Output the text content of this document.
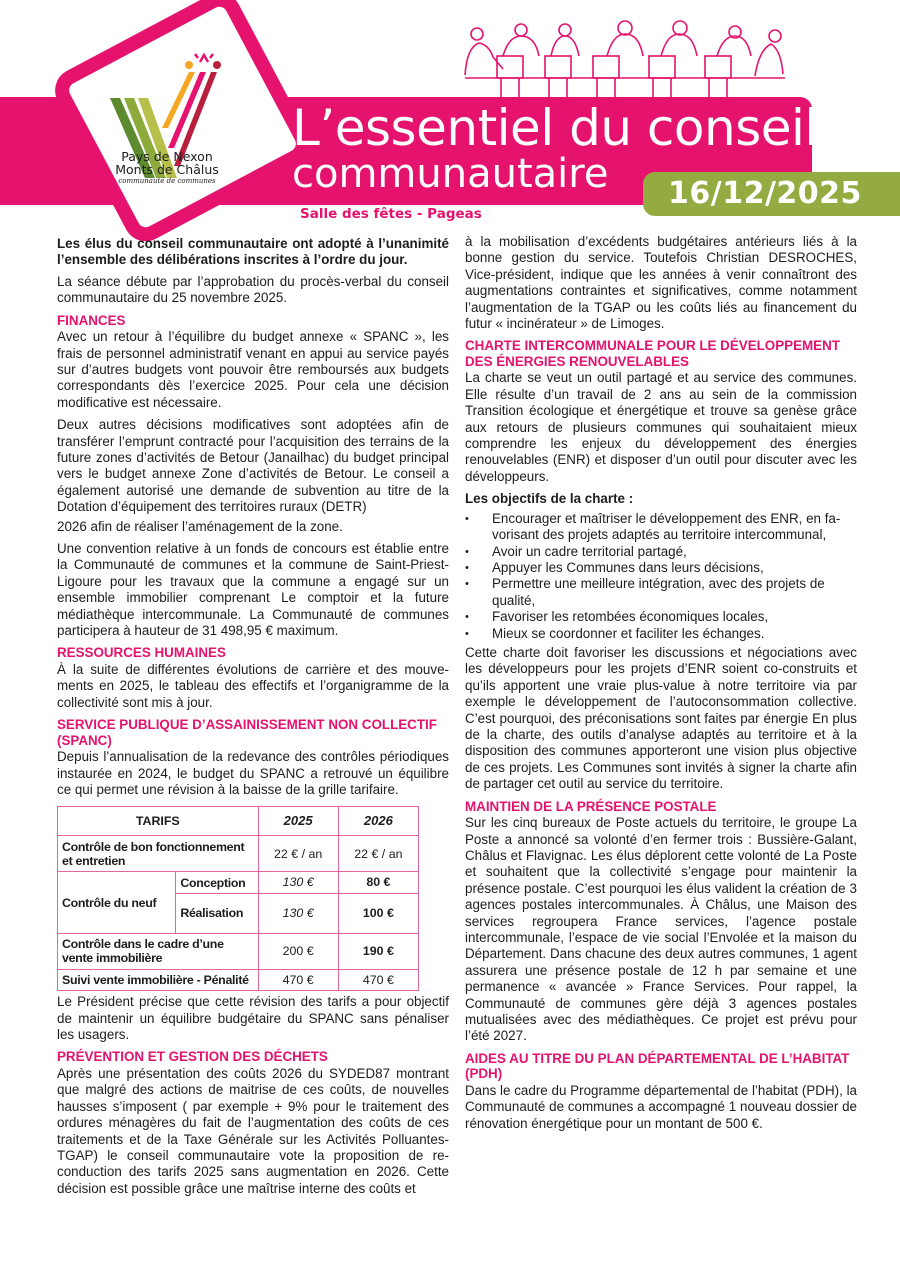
Pays de Nexon
Monts de Châlus
communauté de communes
L’essentiel du conseil
communautaire 16/12/2025
Salle des fêtes - Pageas

Les élus du conseil communautaire ont adopté à l’unanimité l’ensemble des délibérations inscrites à l’ordre du jour.

La séance débute par l’approbation du procès-verbal du conseil communautaire du 25 novembre 2025.

FINANCES

Avec un retour à l’équilibre du budget annexe « SPANC », les frais de personnel administratif venant en appui au service payés sur d’autres budgets vont pouvoir être remboursés aux budgets correspondants dès l’exercice 2025. Pour cela une décision modificative est nécessaire.

Deux autres décisions modificatives sont adoptées afin de transférer l’emprunt contracté pour l’acquisition des terrains de la future zones d’activités de Betour (Janailhac) du budget principal vers le budget annexe Zone d’activités de Betour. Le conseil a également autorisé une demande de subvention au titre de la Dotation d’équipement des territoires ruraux (DETR)

2026 afin de réaliser l’aménagement de la zone.

Une convention relative à un fonds de concours est établie entre la Communauté de communes et la commune de Saint-Priest-Ligoure pour les travaux que la commune a engagé sur un ensemble immobilier comprenant Le comptoir et la future médiathèque intercommunale. La Communauté de communes participera à hauteur de 31 498,95 € maximum.

RESSOURCES HUMAINES

À la suite de différentes évolutions de carrière et des mouvements en 2025, le tableau des effectifs et l’organigramme de la collectivité sont mis à jour.

SERVICE PUBLIQUE D’ASSAINISSEMENT NON COLLECTIF (SPANC)

Depuis l’annualisation de la redevance des contrôles périodiques instaurée en 2024, le budget du SPANC a retrouvé un équilibre ce qui permet une révision à la baisse de la grille tarifaire.

TARIFS		2025	2026
Contrôle de bon fonctionnement et entretien		22 € / an	22 € / an
Contrôle du neuf	Conception	130 €	80 €
	Réalisation	130 €	100 €
Contrôle dans le cadre d’une vente immobilière		200 €	190 €
Suivi vente immobilière - Pénalité		470 €	470 €

Le Président précise que cette révision des tarifs a pour objectif de maintenir un équilibre budgétaire du SPANC sans pénaliser les usagers.

PRÉVENTION ET GESTION DES DÉCHETS

Après une présentation des coûts 2026 du SYDED87 montrant que malgré des actions de maitrise de ces coûts, de nouvelles hausses s’imposent ( par exemple + 9% pour le traitement des ordures ménagères du fait de l’augmentation des coûts de ces traitements et de la Taxe Générale sur les Activités Polluantes-TGAP) le conseil communautaire vote la proposition de reconduction des tarifs 2025 sans augmentation en 2026. Cette décision est possible grâce une maîtrise interne des coûts et

à la mobilisation d’excédents budgétaires antérieurs liés à la bonne gestion du service. Toutefois Christian DESROCHES, Vice-président, indique que les années à venir connaîtront des augmentations contraintes et significatives, comme notamment l’augmentation de la TGAP ou les coûts liés au financement du futur « incinérateur » de Limoges.

CHARTE INTERCOMMUNALE POUR LE DÉVELOPPEMENT DES ÉNERGIES RENOUVELABLES

La charte se veut un outil partagé et au service des communes. Elle résulte d’un travail de 2 ans au sein de la commission Transition écologique et énergétique et trouve sa genèse grâce aux retours de plusieurs communes qui souhaitaient mieux comprendre les enjeux du développement des énergies renouvelables (ENR) et disposer d’un outil pour discuter avec les développeurs.

Les objectifs de la charte :
• Encourager et maîtriser le développement des ENR, en favorisant des projets adaptés au territoire intercommunal,
• Avoir un cadre territorial partagé,
• Appuyer les Communes dans leurs décisions,
• Permettre une meilleure intégration, avec des projets de qualité,
• Favoriser les retombées économiques locales,
• Mieux se coordonner et faciliter les échanges.

Cette charte doit favoriser les discussions et négociations avec les développeurs pour les projets d’ENR soient co-construits et qu’ils apportent une vraie plus-value à notre territoire via par exemple le développement de l’autoconsommation collective. C’est pourquoi, des préconisations sont faites par énergie En plus de la charte, des outils d’analyse adaptés au territoire et à la disposition des communes apporteront une vision plus objective de ces projets. Les Communes sont invités à signer la charte afin de partager cet outil au service du territoire.

MAINTIEN DE LA PRÉSENCE POSTALE

Sur les cinq bureaux de Poste actuels du territoire, le groupe La Poste a annoncé sa volonté d’en fermer trois : Bussière-Galant, Châlus et Flavignac. Les élus déplorent cette volonté de La Poste et souhaitent que la collectivité s’engage pour maintenir la présence postale. C’est pourquoi les élus valident la création de 3 agences postales intercommunales. À Châlus, une Maison des services regroupera France services, l’agence postale intercommunale, l’espace de vie social l’Envolée et la maison du Département. Dans chacune des deux autres communes, 1 agent assurera une présence postale de 12 h par semaine et une permanence « avancée » France Services. Pour rappel, la Communauté de communes gère déjà 3 agences postales mutualisées avec des médiathèques. Ce projet est prévu pour l’été 2027.

AIDES AU TITRE DU PLAN DÉPARTEMENTAL DE L’HABITAT (PDH)

Dans le cadre du Programme départemental de l’habitat (PDH), la Communauté de communes a accompagné 1 nouveau dossier de rénovation énergétique pour un montant de 500 €.
